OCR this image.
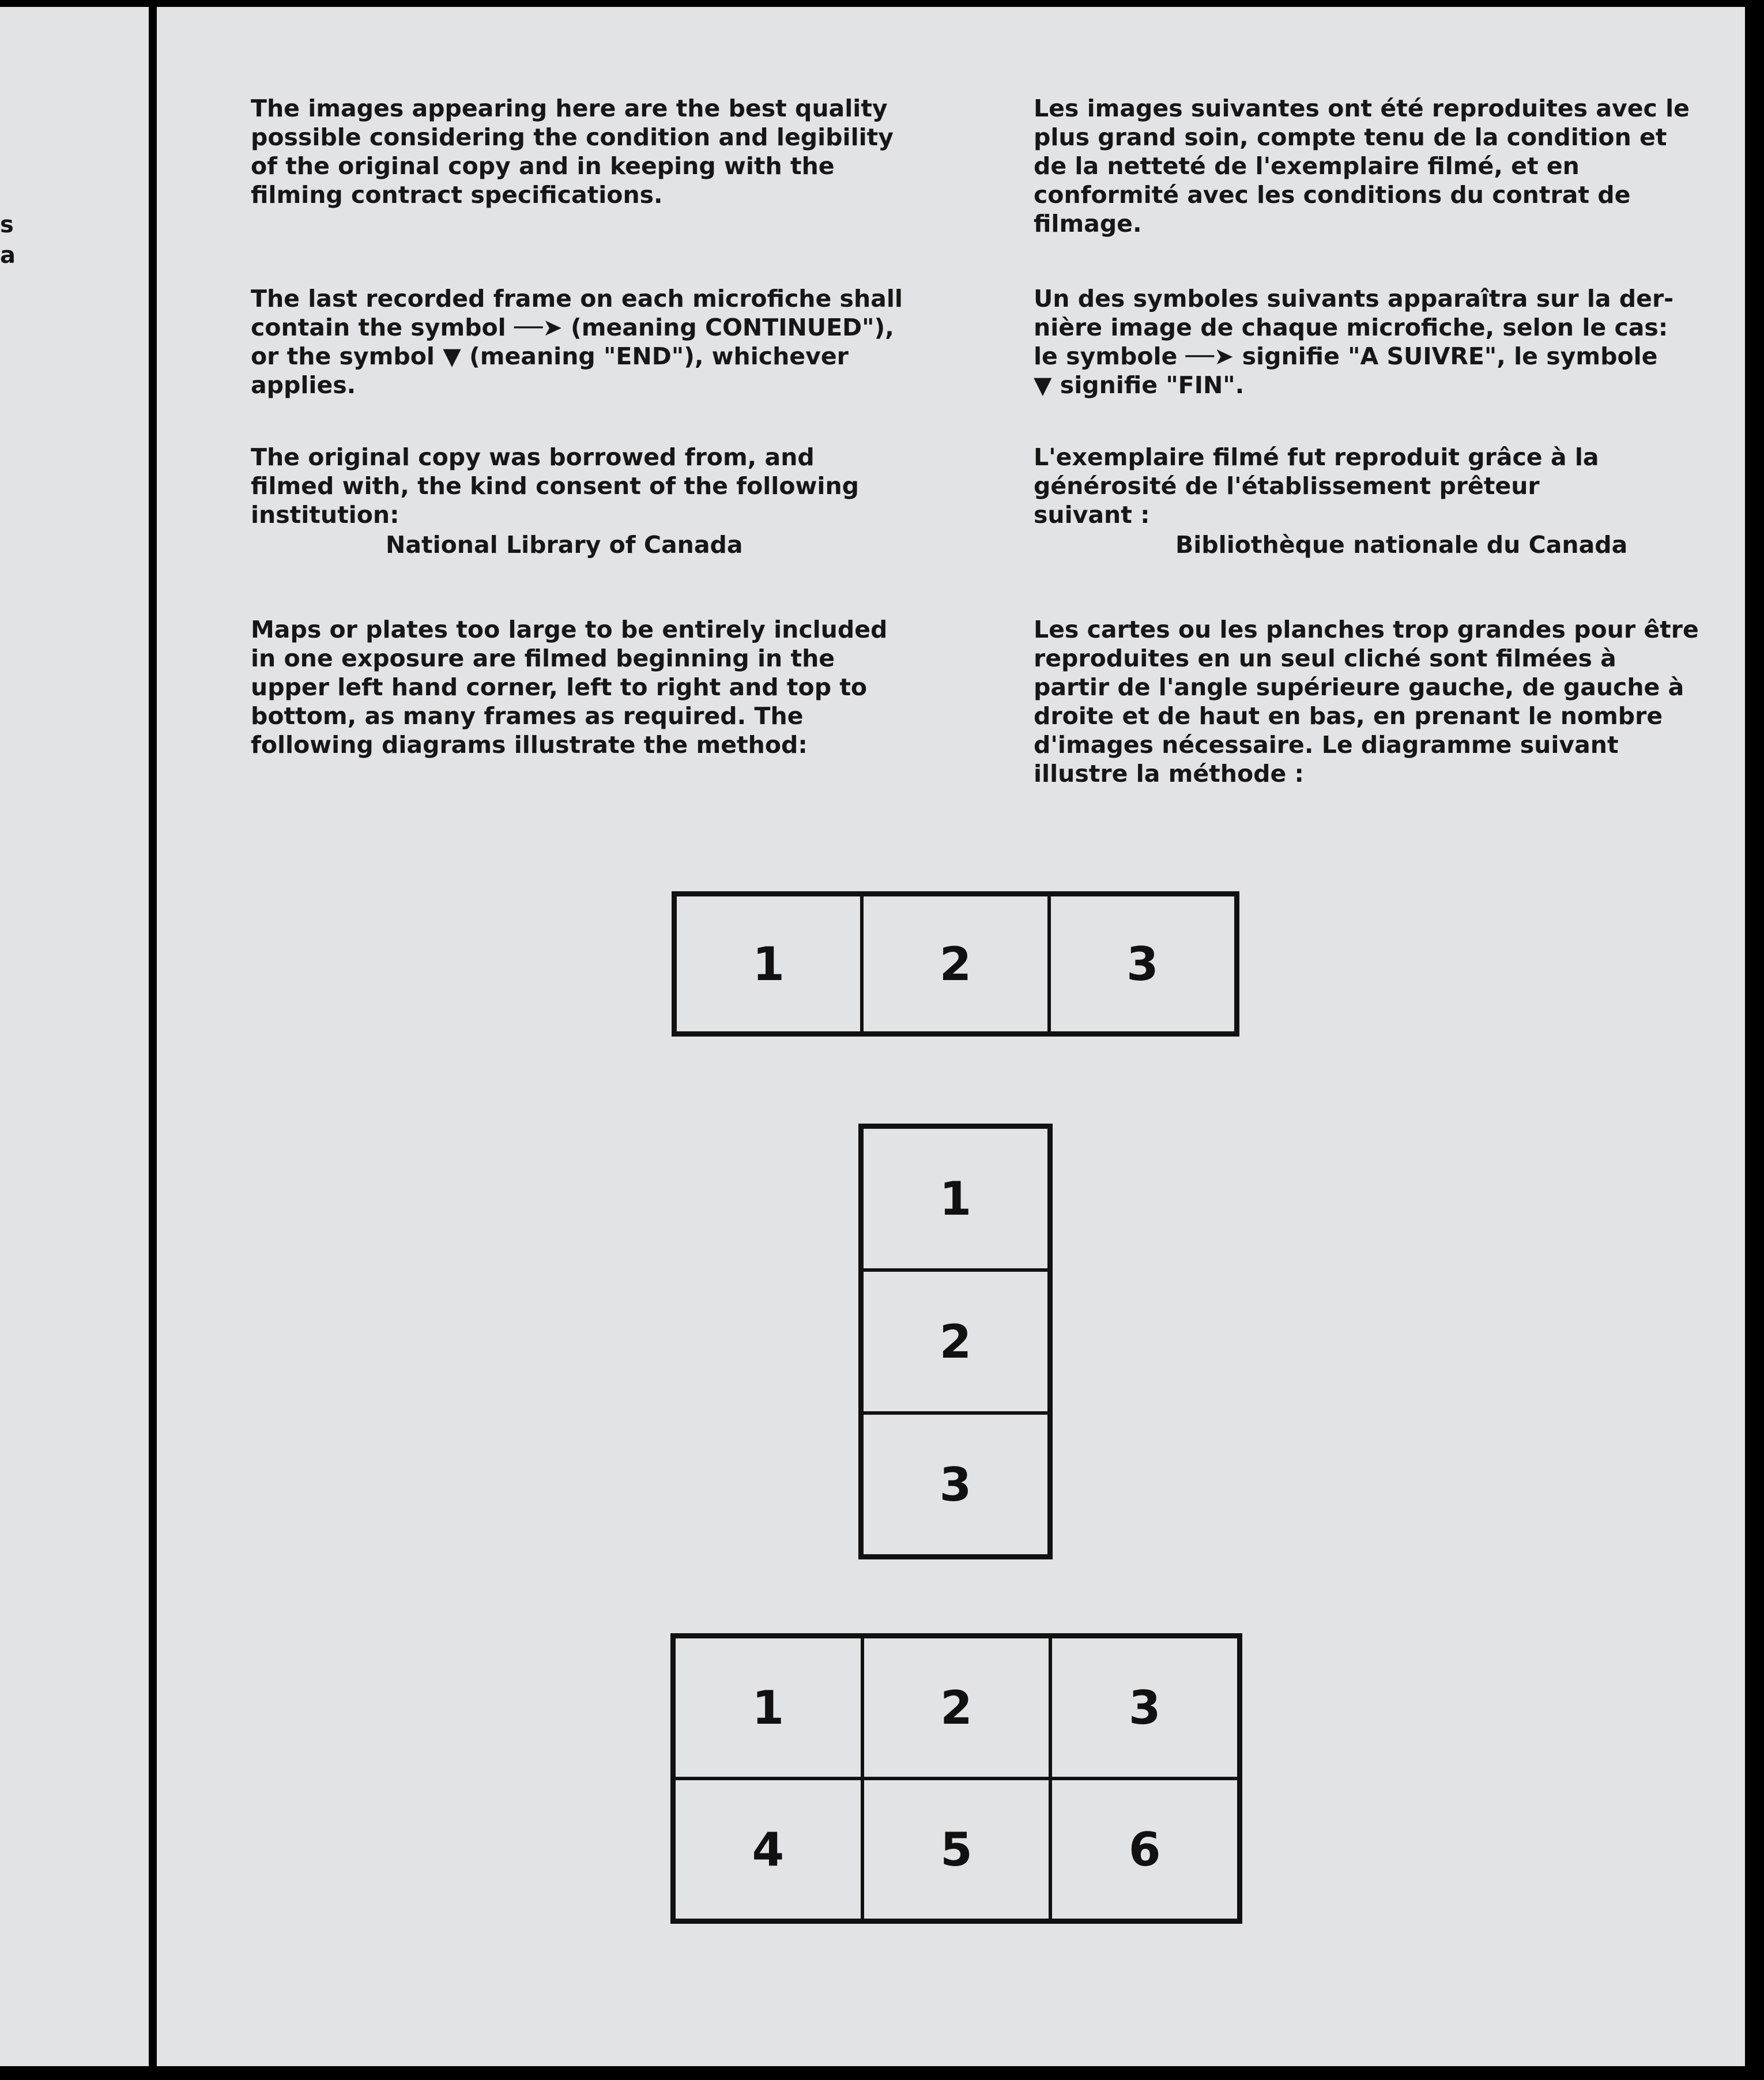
s
a
The images appearing here are the best quality
possible considering the condition and legibility
of the original copy and in keeping with the
filming contract specifications.
The last recorded frame on each microfiche shall
contain the symbol ──➤ (meaning CONTINUED"),
or the symbol ▼ (meaning "END"), whichever
applies.
The original copy was borrowed from, and
filmed with, the kind consent of the following
institution:
National Library of Canada
Maps or plates too large to be entirely included
in one exposure are filmed beginning in the
upper left hand corner, left to right and top to
bottom, as many frames as required. The
following diagrams illustrate the method:
Les images suivantes ont été reproduites avec le
plus grand soin, compte tenu de la condition et
de la netteté de l'exemplaire filmé, et en
conformité avec les conditions du contrat de
filmage.
Un des symboles suivants apparaîtra sur la der-
nière image de chaque microfiche, selon le cas:
le symbole ──➤ signifie "A SUIVRE", le symbole
▼ signifie "FIN".
L'exemplaire filmé fut reproduit grâce à la
générosité de l'établissement prêteur
suivant :
Bibliothèque nationale du Canada
Les cartes ou les planches trop grandes pour être
reproduites en un seul cliché sont filmées à
partir de l'angle supérieure gauche, de gauche à
droite et de haut en bas, en prenant le nombre
d'images nécessaire. Le diagramme suivant
illustre la méthode :
1	2	3
1
2
3
1	2	3
4	5	6
